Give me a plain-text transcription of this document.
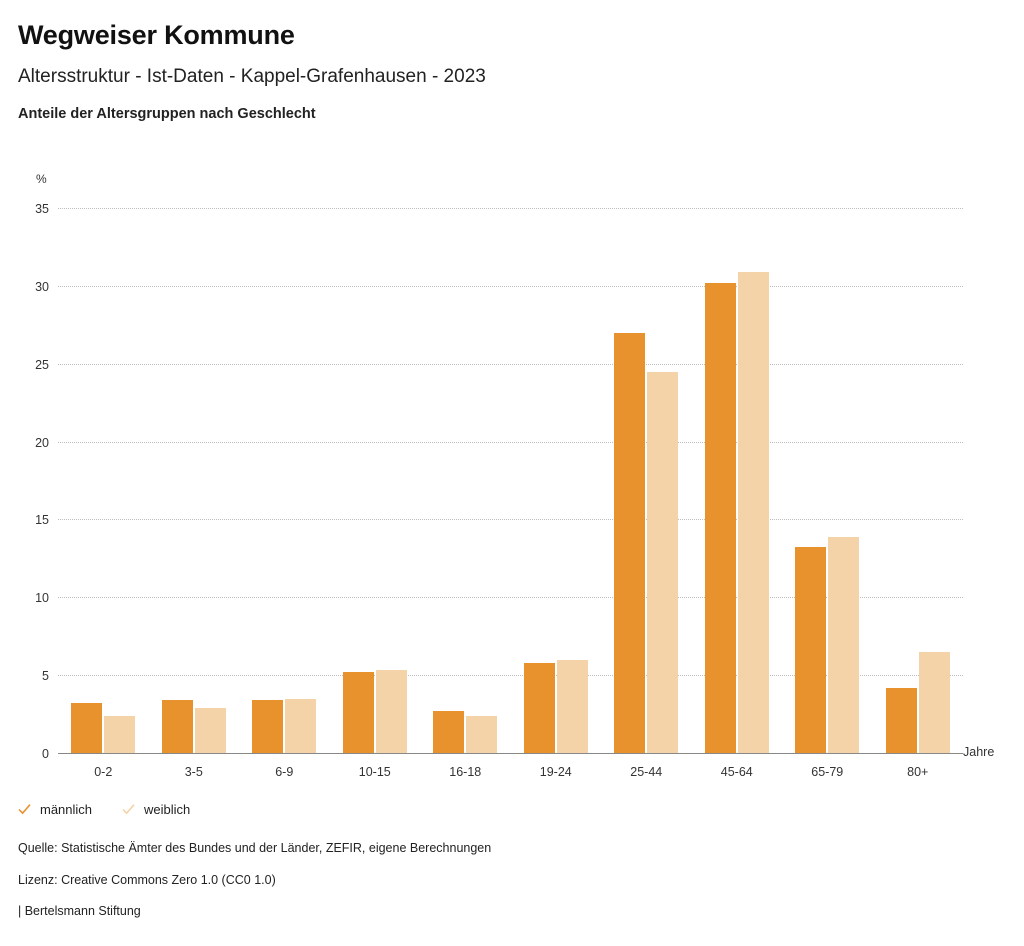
Wegweiser Kommune
Altersstruktur - Ist-Daten - Kappel-Grafenhausen - 2023
Anteile der Altersgruppen nach Geschlecht
%
0
5
10
15
20
25
30
35
0-2	3-5	6-9	10-15	16-18	19-24	25-44	45-64	65-79	80+
Jahre
männlich	weiblich
Quelle: Statistische Ämter des Bundes und der Länder, ZEFIR, eigene Berechnungen
Lizenz: Creative Commons Zero 1.0 (CC0 1.0)
| Bertelsmann Stiftung
